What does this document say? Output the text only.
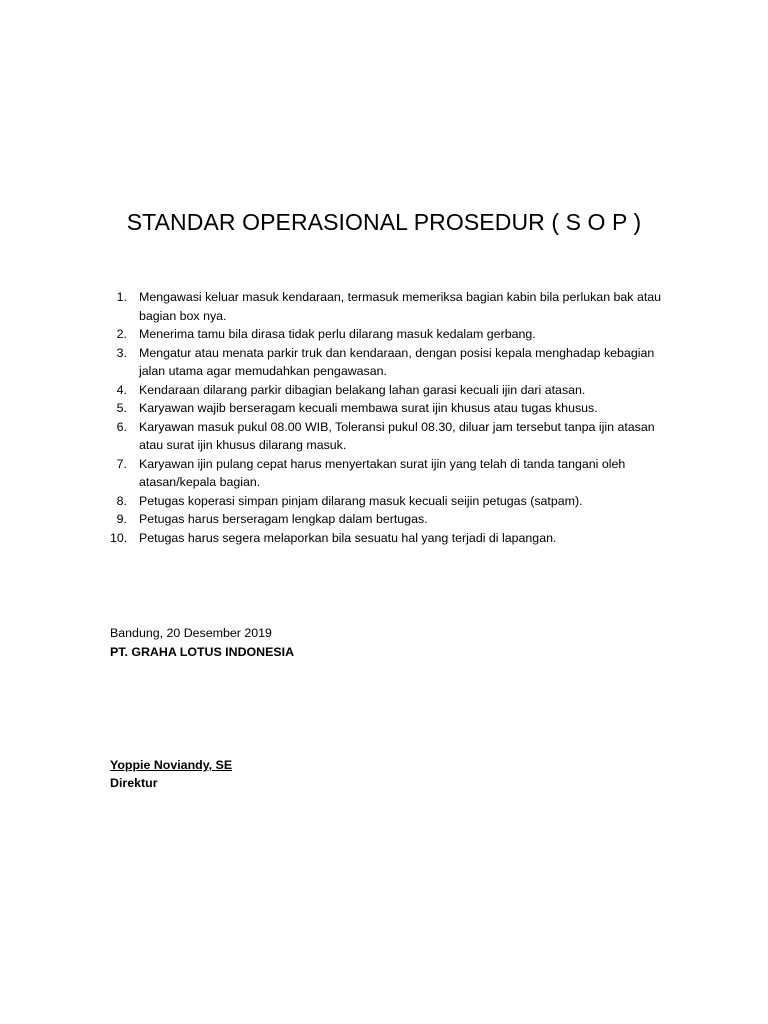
STANDAR OPERASIONAL PROSEDUR ( S O P )
1. Mengawasi keluar masuk kendaraan, termasuk memeriksa bagian kabin bila perlukan bak atau bagian box nya.
2. Menerima tamu bila dirasa tidak perlu dilarang masuk kedalam gerbang.
3. Mengatur atau menata parkir truk dan kendaraan, dengan posisi kepala menghadap kebagian jalan utama agar memudahkan pengawasan.
4. Kendaraan dilarang parkir dibagian belakang lahan garasi kecuali ijin dari atasan.
5. Karyawan wajib berseragam kecuali membawa surat ijin khusus atau tugas khusus.
6. Karyawan masuk pukul 08.00 WIB, Toleransi pukul 08.30, diluar jam tersebut tanpa ijin atasan atau surat ijin khusus dilarang masuk.
7. Karyawan ijin pulang cepat harus menyertakan surat ijin yang telah di tanda tangani oleh atasan/kepala bagian.
8. Petugas koperasi simpan pinjam dilarang masuk kecuali seijin petugas (satpam).
9. Petugas harus berseragam lengkap dalam bertugas.
10. Petugas harus segera melaporkan bila sesuatu hal yang terjadi di lapangan.

Bandung, 20 Desember 2019

PT. GRAHA LOTUS INDONESIA

Yoppie Noviandy, SE

Direktur
